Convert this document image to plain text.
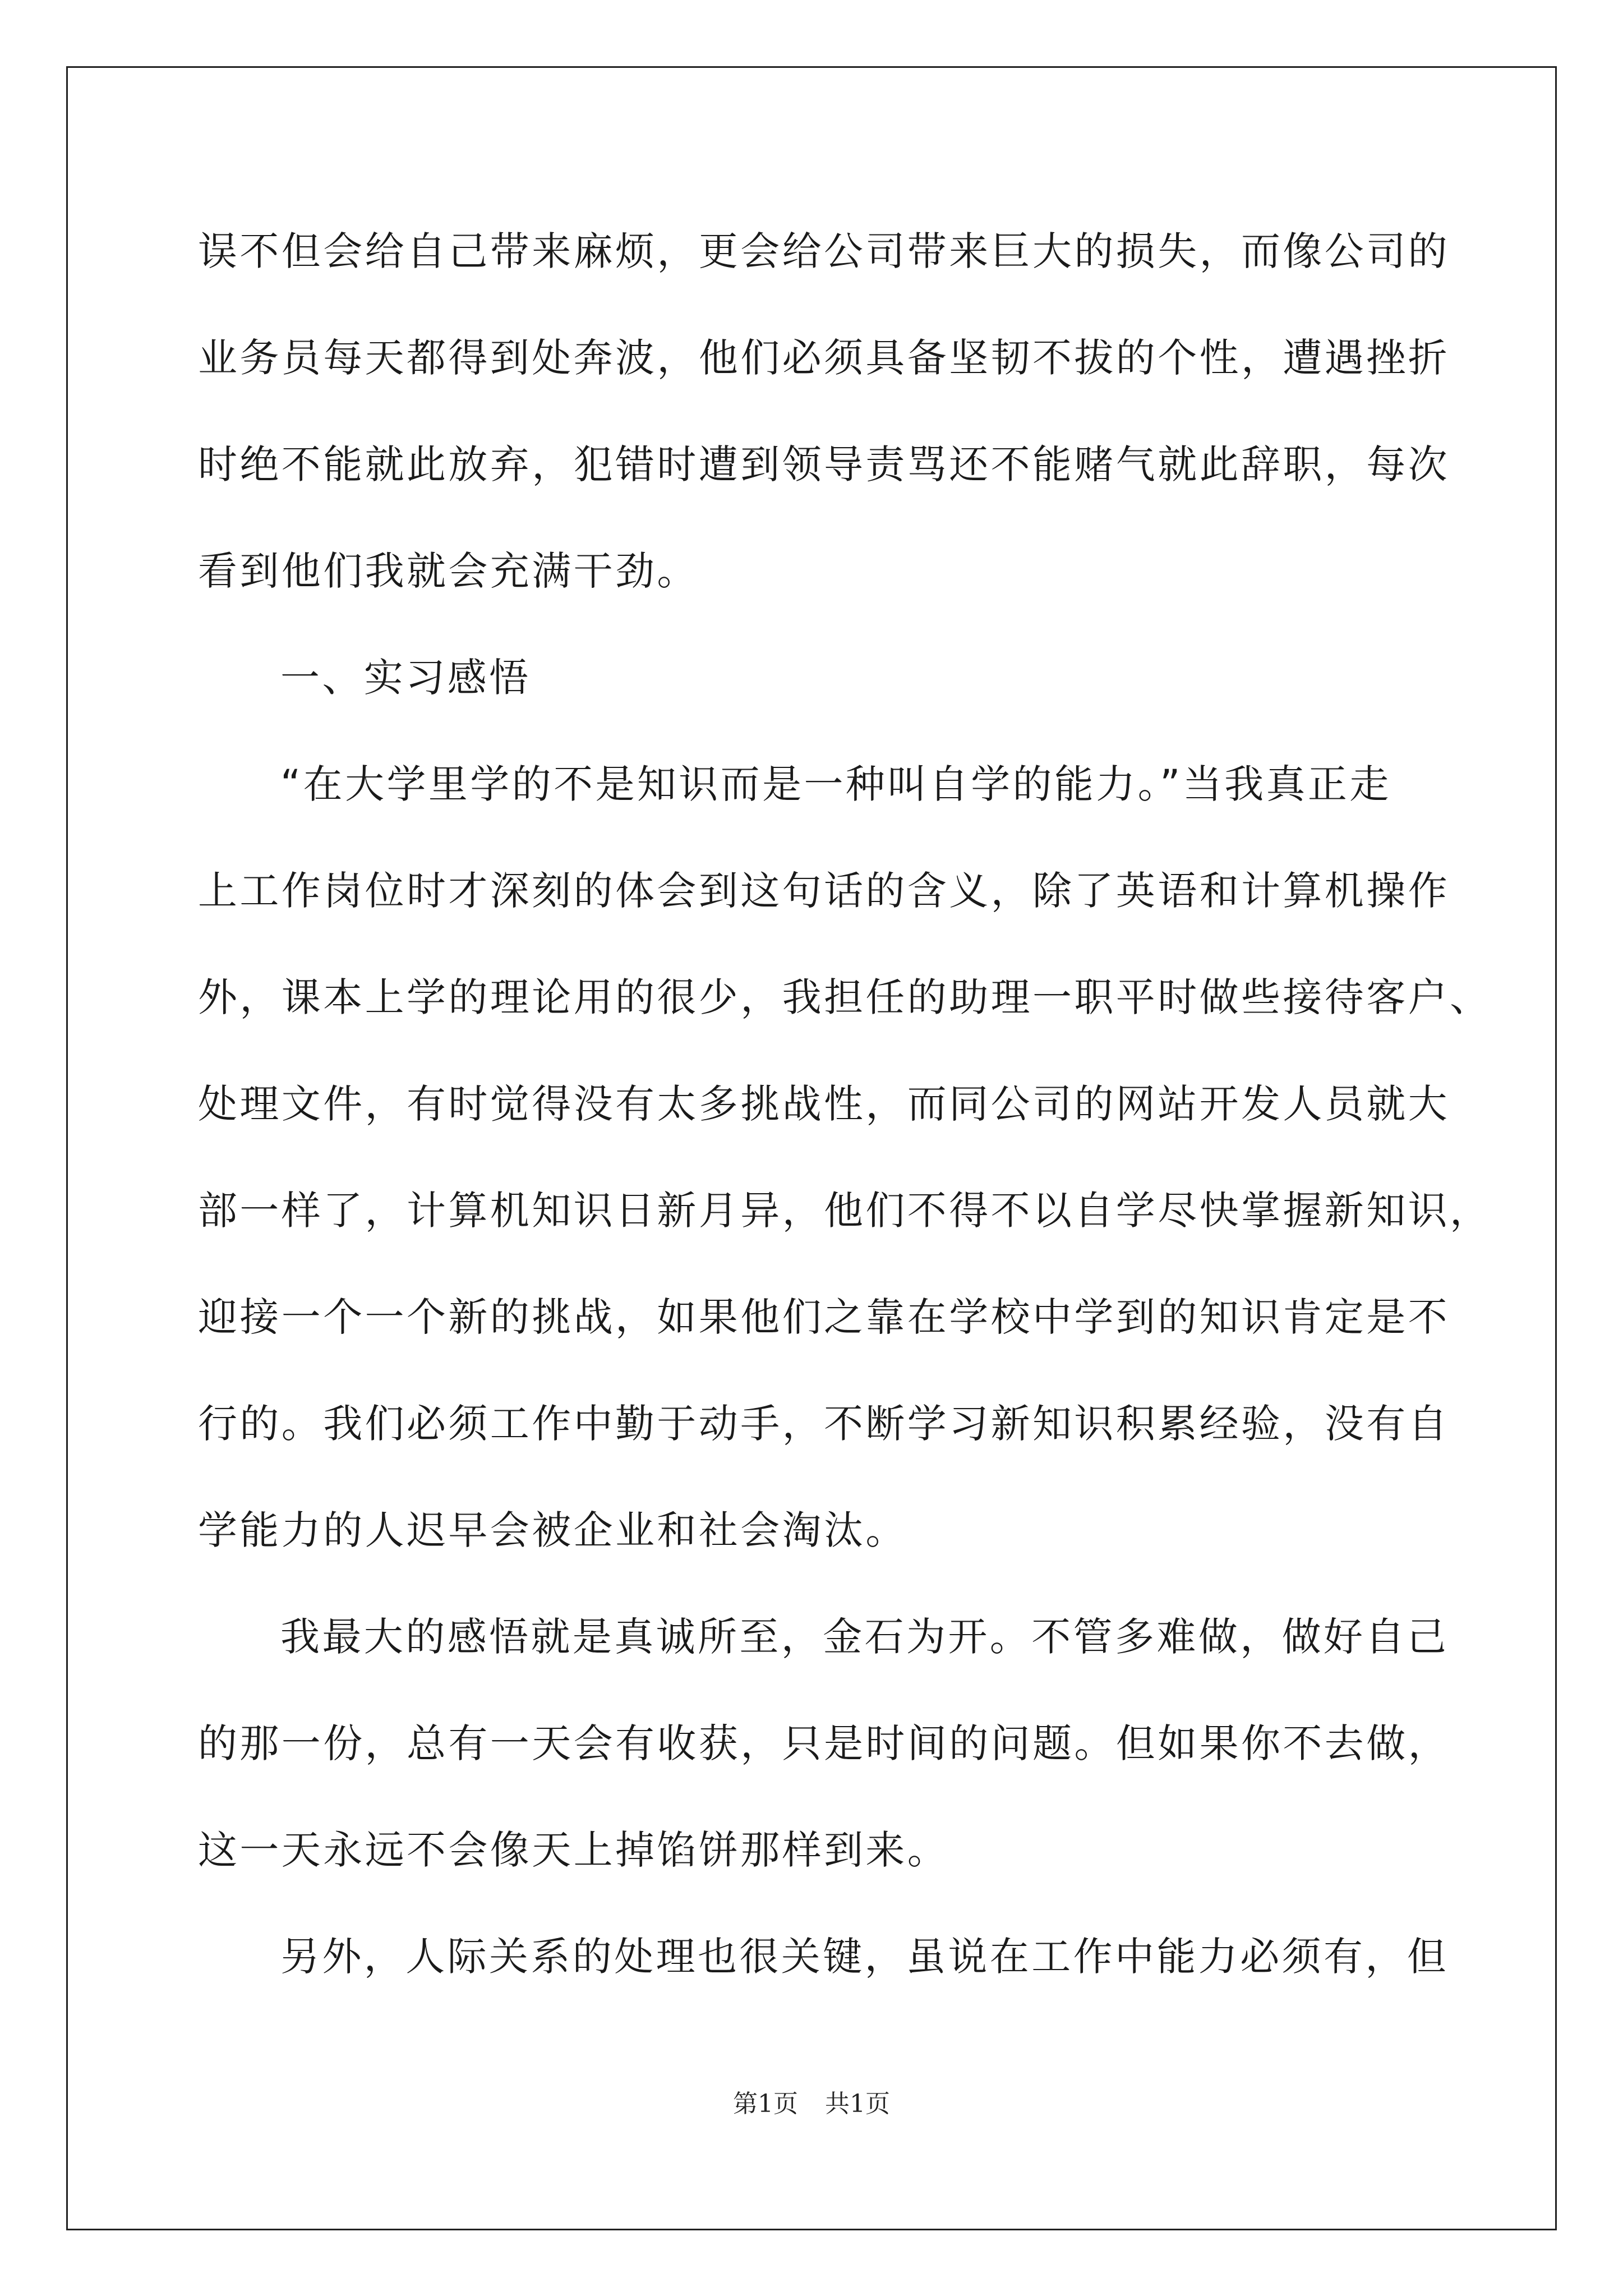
误不但会给自己带来麻烦，更会给公司带来巨大的损失，而像公司的

业务员每天都得到处奔波，他们必须具备坚韧不拔的个性，遭遇挫折

时绝不能就此放弃，犯错时遭到领导责骂还不能赌气就此辞职，每次

看到他们我就会充满干劲。

一、实习感悟

“在大学里学的不是知识而是一种叫自学的能力。”当我真正走

上工作岗位时才深刻的体会到这句话的含义，除了英语和计算机操作

外，课本上学的理论用的很少，我担任的助理一职平时做些接待客户、

处理文件，有时觉得没有太多挑战性，而同公司的网站开发人员就大

部一样了，计算机知识日新月异，他们不得不以自学尽快掌握新知识，

迎接一个一个新的挑战，如果他们之靠在学校中学到的知识肯定是不

行的。我们必须工作中勤于动手，不断学习新知识积累经验，没有自

学能力的人迟早会被企业和社会淘汰。

我最大的感悟就是真诚所至，金石为开。不管多难做，做好自己

的那一份，总有一天会有收获，只是时间的问题。但如果你不去做，

这一天永远不会像天上掉馅饼那样到来。

另外，人际关系的处理也很关键，虽说在工作中能力必须有，但

第1页 共1页
